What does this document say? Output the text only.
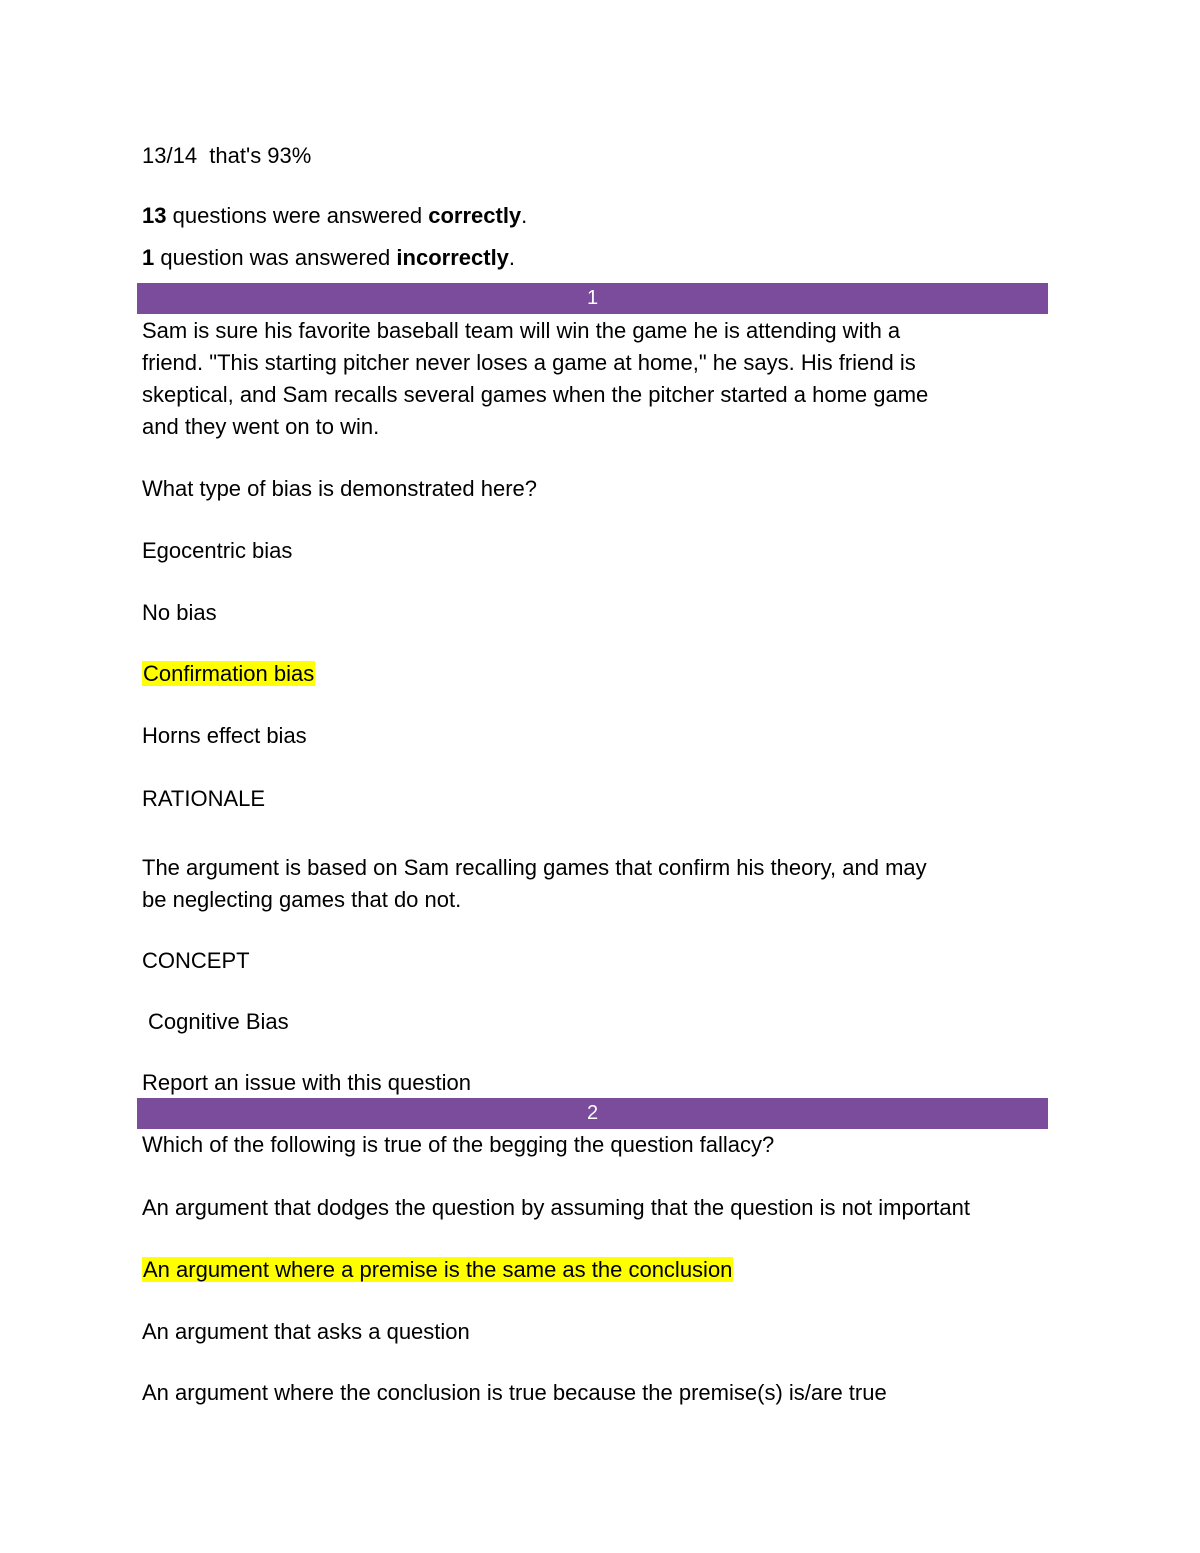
13/14 that's 93%

13 questions were answered correctly.

1 question was answered incorrectly.

1
Sam is sure his favorite baseball team will win the game he is attending with a
friend. "This starting pitcher never loses a game at home," he says. His friend is
skeptical, and Sam recalls several games when the pitcher started a home game
and they went on to win.

What type of bias is demonstrated here?

Egocentric bias

No bias

Confirmation bias

Horns effect bias

RATIONALE

The argument is based on Sam recalling games that confirm his theory, and may
be neglecting games that do not.

CONCEPT

Cognitive Bias

Report an issue with this question

2

Which of the following is true of the begging the question fallacy?

An argument that dodges the question by assuming that the question is not important

An argument where a premise is the same as the conclusion

An argument that asks a question

An argument where the conclusion is true because the premise(s) is/are true
